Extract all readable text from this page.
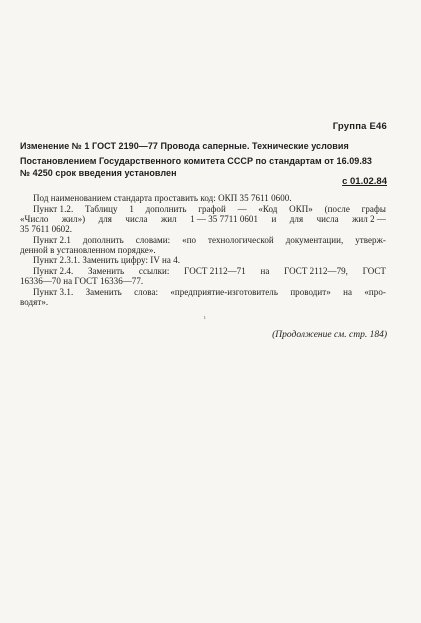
Группа Е46
Изменение № 1 ГОСТ 2190—77 Провода саперные. Технические условия
Постановлением Государственного комитета СССР по стандартам от 16.09.83
№ 4250 срок введения установлен
с 01.02.84
Под наименованием стандарта проставить код: ОКП 35 7611 0600.
Пункт 1.2. Таблицу 1 дополнить графой — «Код ОКП» (после графы
«Число жил») для числа жил 1 — 35 7711 0601 и для числа жил 2 —
35 7611 0602.
Пункт 2.1 дополнить словами: «по технологической документации, утверж-
денной в установленном порядке».
Пункт 2.3.1. Заменить цифру: IV на 4.
Пункт 2.4. Заменить ссылки: ГОСТ 2112—71 на ГОСТ 2112—79, ГОСТ
16336—70 на ГОСТ 16336—77.
Пункт 3.1. Заменить слова: «предприятие-изготовитель проводит» на «про-
водят».
ı
(Продолжение см. стр. 184)
